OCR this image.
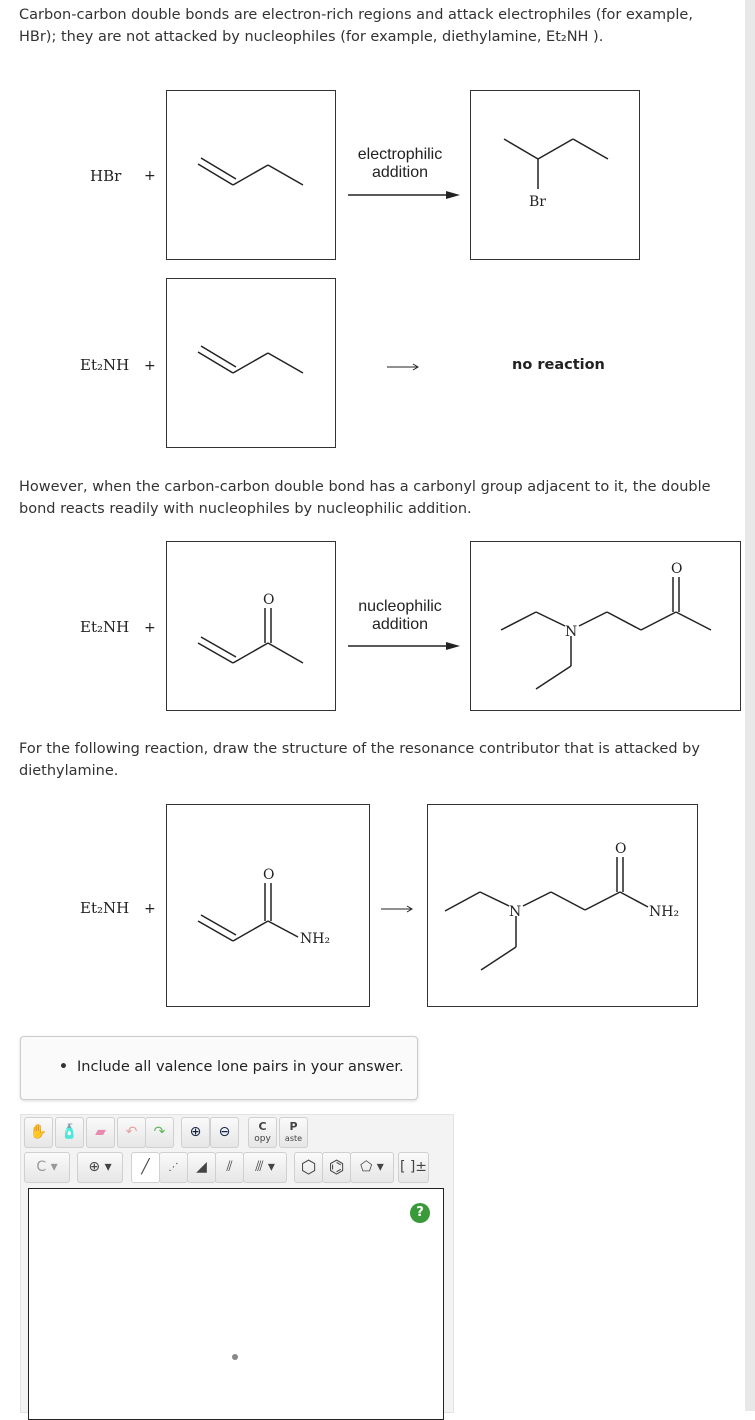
Carbon-carbon double bonds are electron-rich regions and attack electrophiles (for example, HBr); they are not attacked by nucleophiles (for example, diethylamine, Et₂NH ).
HBr +
electrophilic
addition
Br
Et₂NH +	no reaction
However, when the carbon-carbon double bond has a carbonyl group adjacent to it, the double bond reacts readily with nucleophiles by nucleophilic addition.
Et₂NH +
O	nucleophilic
addition	N
O
For the following reaction, draw the structure of the resonance contributor that is attacked by diethylamine.
Et₂NH +
O
NH₂
N
O
NH₂
• Include all valence lone pairs in your answer.
✋ 🧴	▰	↶	↷	⊕	⊖	C
opy
P
aste
C ▾	⊕ ▾	╱	⋰	◢	⫽	⫻ ▾	⬡ ⌬	⬠ ▾	[ ]±
?
